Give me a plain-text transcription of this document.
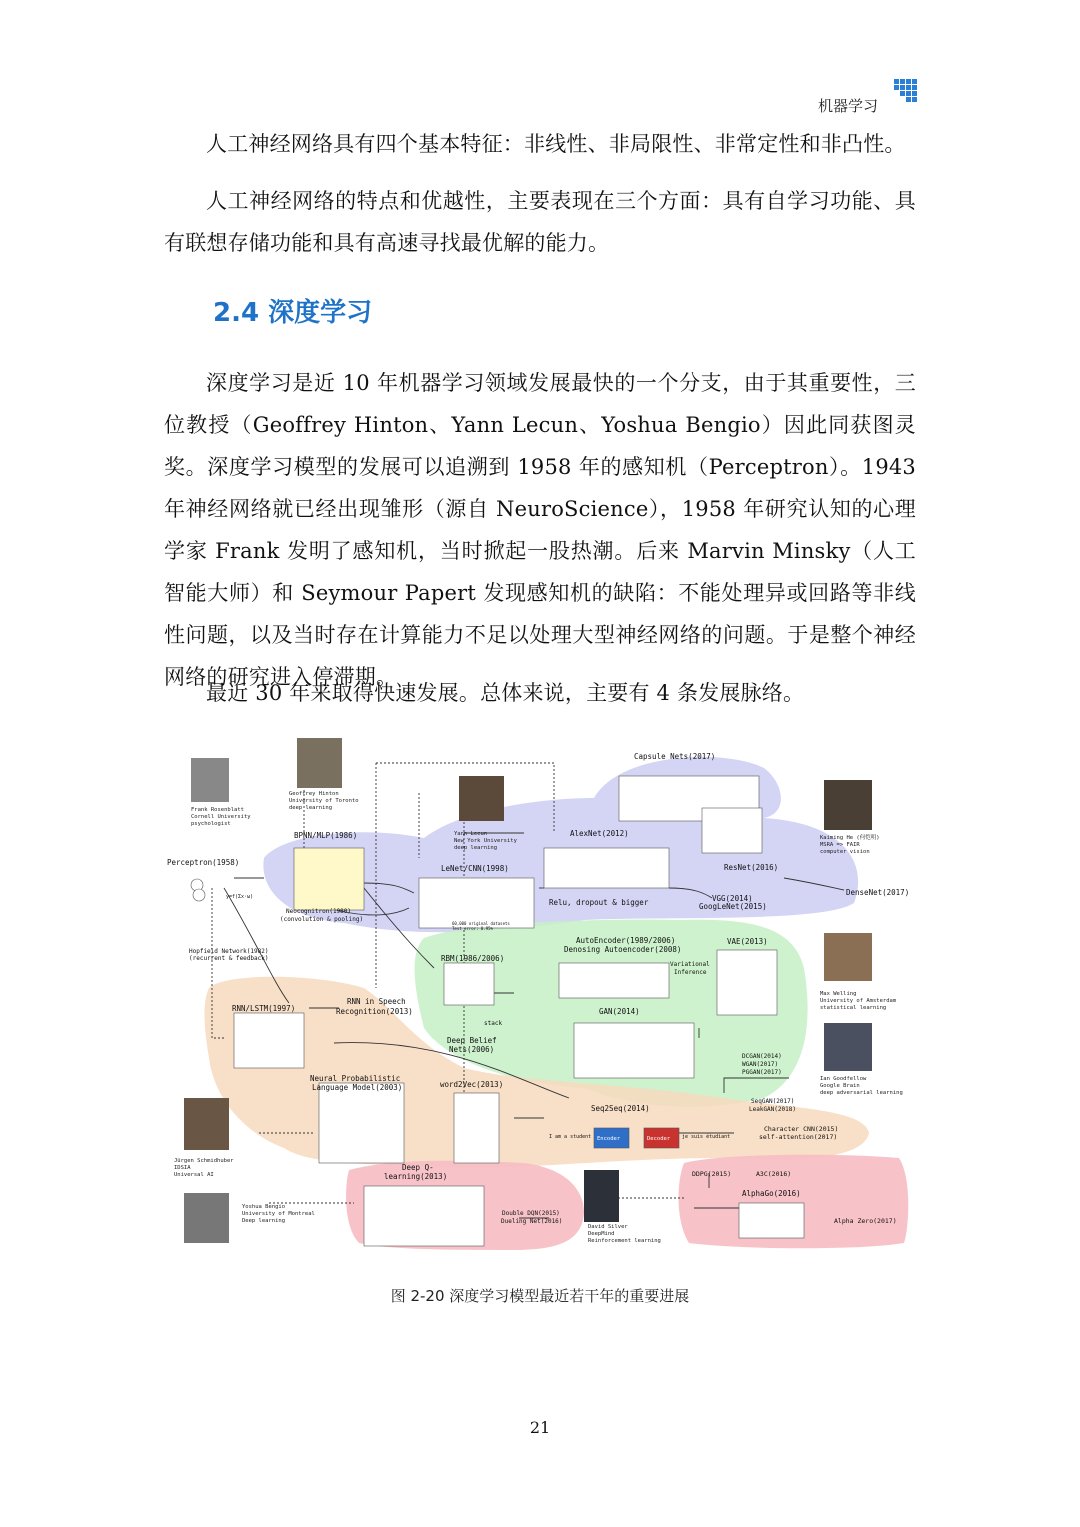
机器学习

人工神经网络具有四个基本特征：非线性、非局限性、非常定性和非凸性。

人工神经网络的特点和优越性，主要表现在三个方面：具有自学习功能、具有联想存储功能和具有高速寻找最优解的能力。

2.4 深度学习

深度学习是近 10 年机器学习领域发展最快的一个分支，由于其重要性，三位教授（Geoffrey Hinton、Yann Lecun、Yoshua Bengio）因此同获图灵奖。深度学习模型的发展可以追溯到 1958 年的感知机（Perceptron）。1943 年神经网络就已经出现雏形（源自 NeuroScience），1958 年研究认知的心理学家 Frank 发明了感知机，当时掀起一股热潮。后来 Marvin Minsky（人工智能大师）和 Seymour Papert 发现感知机的缺陷：不能处理异或回路等非线性问题，以及当时存在计算能力不足以处理大型神经网络的问题。于是整个神经网络的研究进入停滞期。

最近 30 年来取得快速发展。总体来说，主要有 4 条发展脉络。

Capsule Nets(2017)
AlexNet(2012)
ResNet(2016)
DenseNet(2017)
VGG(2014)
GoogLeNet(2015)
Relu, dropout & bigger
LeNet/CNN(1998)
BPNN/MLP(1986)
Neocognitron(1980)
(convolution & pooling)
Perceptron(1958)
y=f(Σx·ω)
Hopfield Network(1982)
(recurrent & feedback)	RBM(1986/2006)
stack
Deep Belief
Nets(2006)
AutoEncoder(1989/2006)
Denosing Autoencoder(2008)
VAE(2013)
Variational
Inference
GAN(2014)
DCGAN(2014)
WGAN(2017)
PGGAN(2017)
SeqGAN(2017)
LeakGAN(2018)
RNN/LSTM(1997)
RNN in Speech
Recognition(2013)
Neural Probabilistic
Language Model(2003)	word2Vec(2013)
Seq2Seq(2014)
Encoder	Decoder
I am a student	je suis étudiant
Character CNN(2015)
self-attention(2017)
Deep Q-
learning(2013)
Double DQN(2015)
Dueling Net(2016)
DDPG(2015)	A3C(2016)
AlphaGo(2016)
Alpha Zero(2017)
60,000 original datasets
Test error: 0.95%
Frank Rosenblatt
Cornell University
psychologist
Geoffrey Hinton
University of Toronto
deep learning
Yann Lecun
New York University
deep learning
Kaiming He (何恺明)
MSRA => FAIR
computer vision
Max Welling
University of Amsterdam
statistical learning
Ian Goodfellow
Google Brain
deep adversarial learning
Jürgen Schmidhuber
IDSIA
Universal AI
Yoshua Bengio
University of Montreal
Deep learning
David Silver
DeepMind
Reinforcement learning
图 2-20 深度学习模型最近若干年的重要进展
21
